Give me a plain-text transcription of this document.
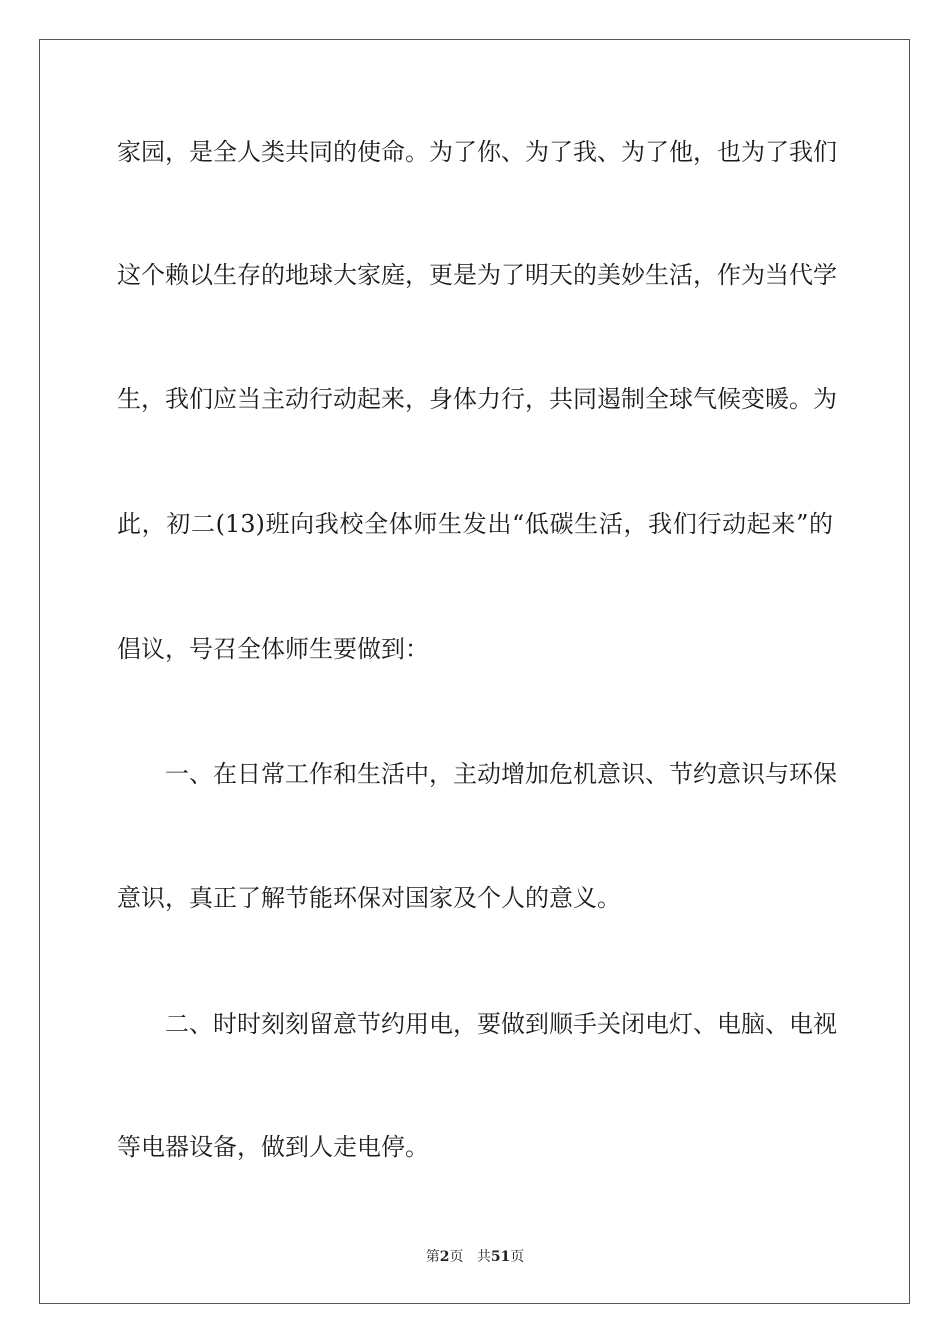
家园，是全人类共同的使命。为了你、为了我、为了他，也为了我们
这个赖以生存的地球大家庭，更是为了明天的美妙生活，作为当代学
生，我们应当主动行动起来，身体力行，共同遏制全球气候变暖。为
此，初二(13)班向我校全体师生发出“低碳生活，我们行动起来”的
倡议，号召全体师生要做到：
一、在日常工作和生活中，主动增加危机意识、节约意识与环保
意识，真正了解节能环保对国家及个人的意义。
二、时时刻刻留意节约用电，要做到顺手关闭电灯、电脑、电视
等电器设备，做到人走电停。
第2页 共51页
